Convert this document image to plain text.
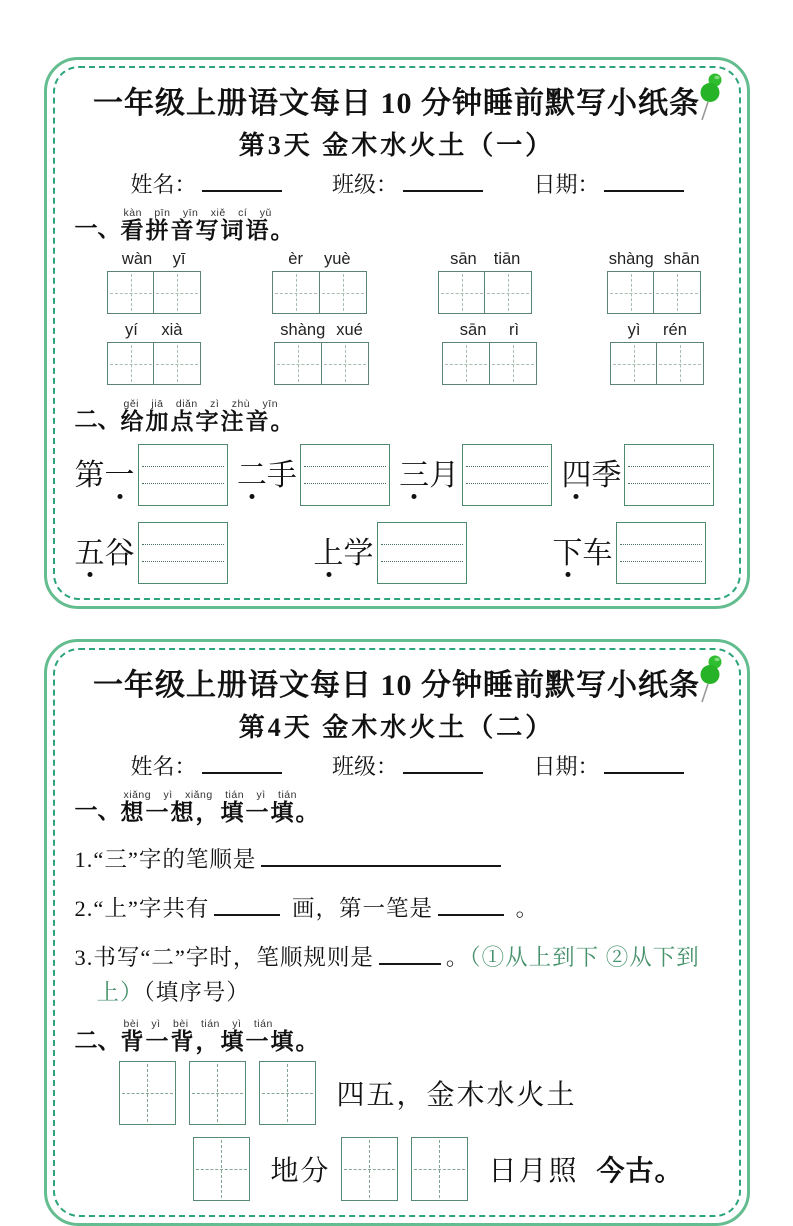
一年级上册语文每日 10 分钟睡前默写小纸条
第3天 金木水火土（一）
姓名：	班级：	日期：
一、
kàn pīn yīn xiě cí yǔ
看拼音写词语。
wàn yī	èr yuè	sān tiān	shàng shān
yí xià	shàng xué	sān rì	yì rén
二、
gěi jiā diǎn zì zhù yīn
给加点字注音。
第 一	二 手	三 月	四 季
五 谷	上 学	下 车
一年级上册语文每日 10 分钟睡前默写小纸条
第4天 金木水火土（二）
姓名：	班级：	日期：
一、
xiǎng yì xiǎng tián yì tián
想一想，填一填。
1.“三”字的笔顺是
2.“上”字共有	画，第一笔是	。
3.书写“二”字时，笔顺规则是	。（①从上到下 ②从下到
上）（填序号）
二、
bèi yì bèi tián yì tián
背一背，填一填。
四五，金木水火土
地分	日月照 今古。
